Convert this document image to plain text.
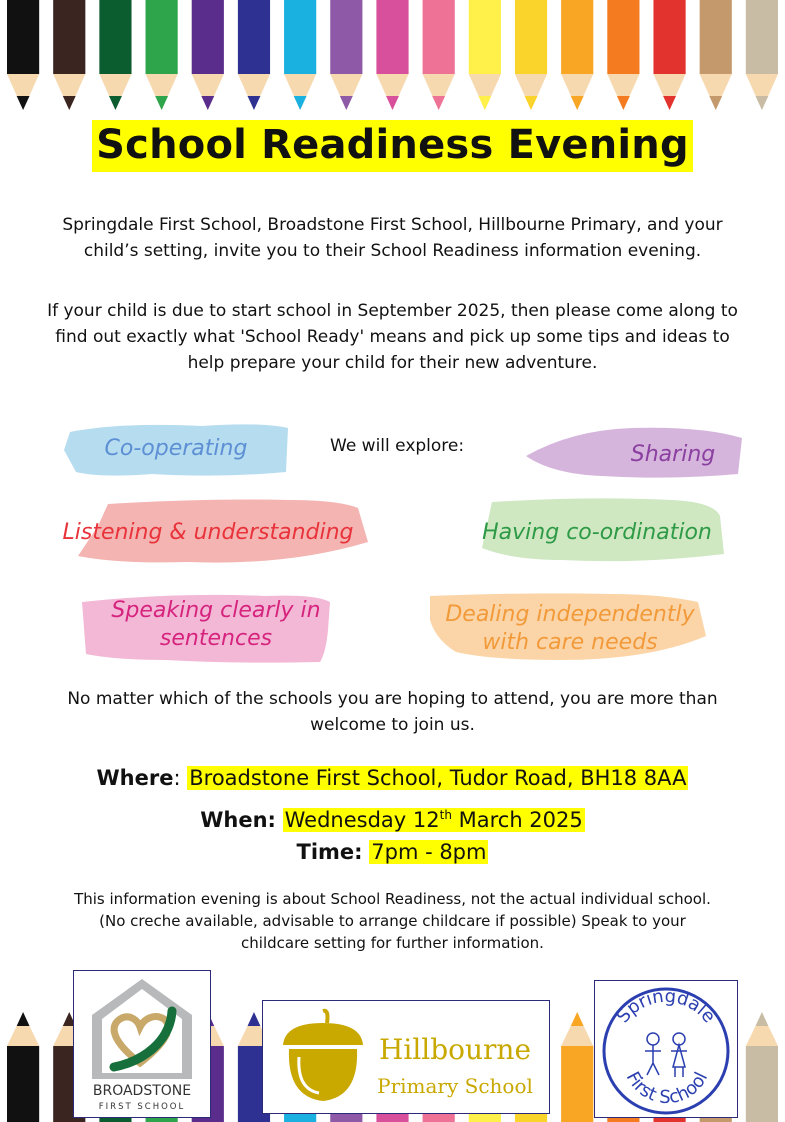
School Readiness Evening
Springdale First School, Broadstone First School, Hillbourne Primary, and your
child’s setting, invite you to their School Readiness information evening.
If your child is due to start school in September 2025, then please come along to
find out exactly what 'School Ready' means and pick up some tips and ideas to
help prepare your child for their new adventure.
We will explore:
Co-operating	Sharing
Listening & understanding	Having co-ordination
Speaking clearly in
sentences
Dealing independently
with care needs
No matter which of the schools you are hoping to attend, you are more than
welcome to join us.
Where: Broadstone First School, Tudor Road, BH18 8AA
When: Wednesday 12th March 2025
Time: 7pm - 8pm
This information evening is about School Readiness, not the actual individual school.
(No creche available, advisable to arrange childcare if possible) Speak to your
childcare setting for further information.
BROADSTONE
FIRST SCHOOL
Hillbourne
Primary School
Springdale
First School
